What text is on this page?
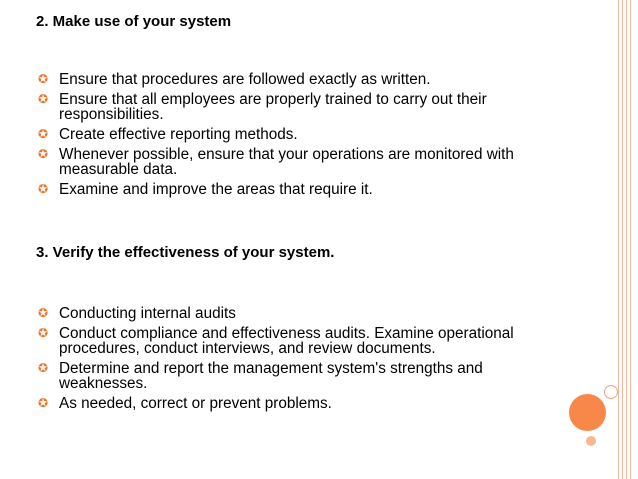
2. Make use of your system
✪ Ensure that procedures are followed exactly as written.
✪ Ensure that all employees are properly trained to carry out their responsibilities.
✪ Create effective reporting methods.
✪ Whenever possible, ensure that your operations are monitored with measurable data.
✪ Examine and improve the areas that require it.
3. Verify the effectiveness of your system.
✪ Conducting internal audits
✪ Conduct compliance and effectiveness audits. Examine operational procedures, conduct interviews, and review documents.
✪ Determine and report the management system's strengths and weaknesses.
✪ As needed, correct or prevent problems.
